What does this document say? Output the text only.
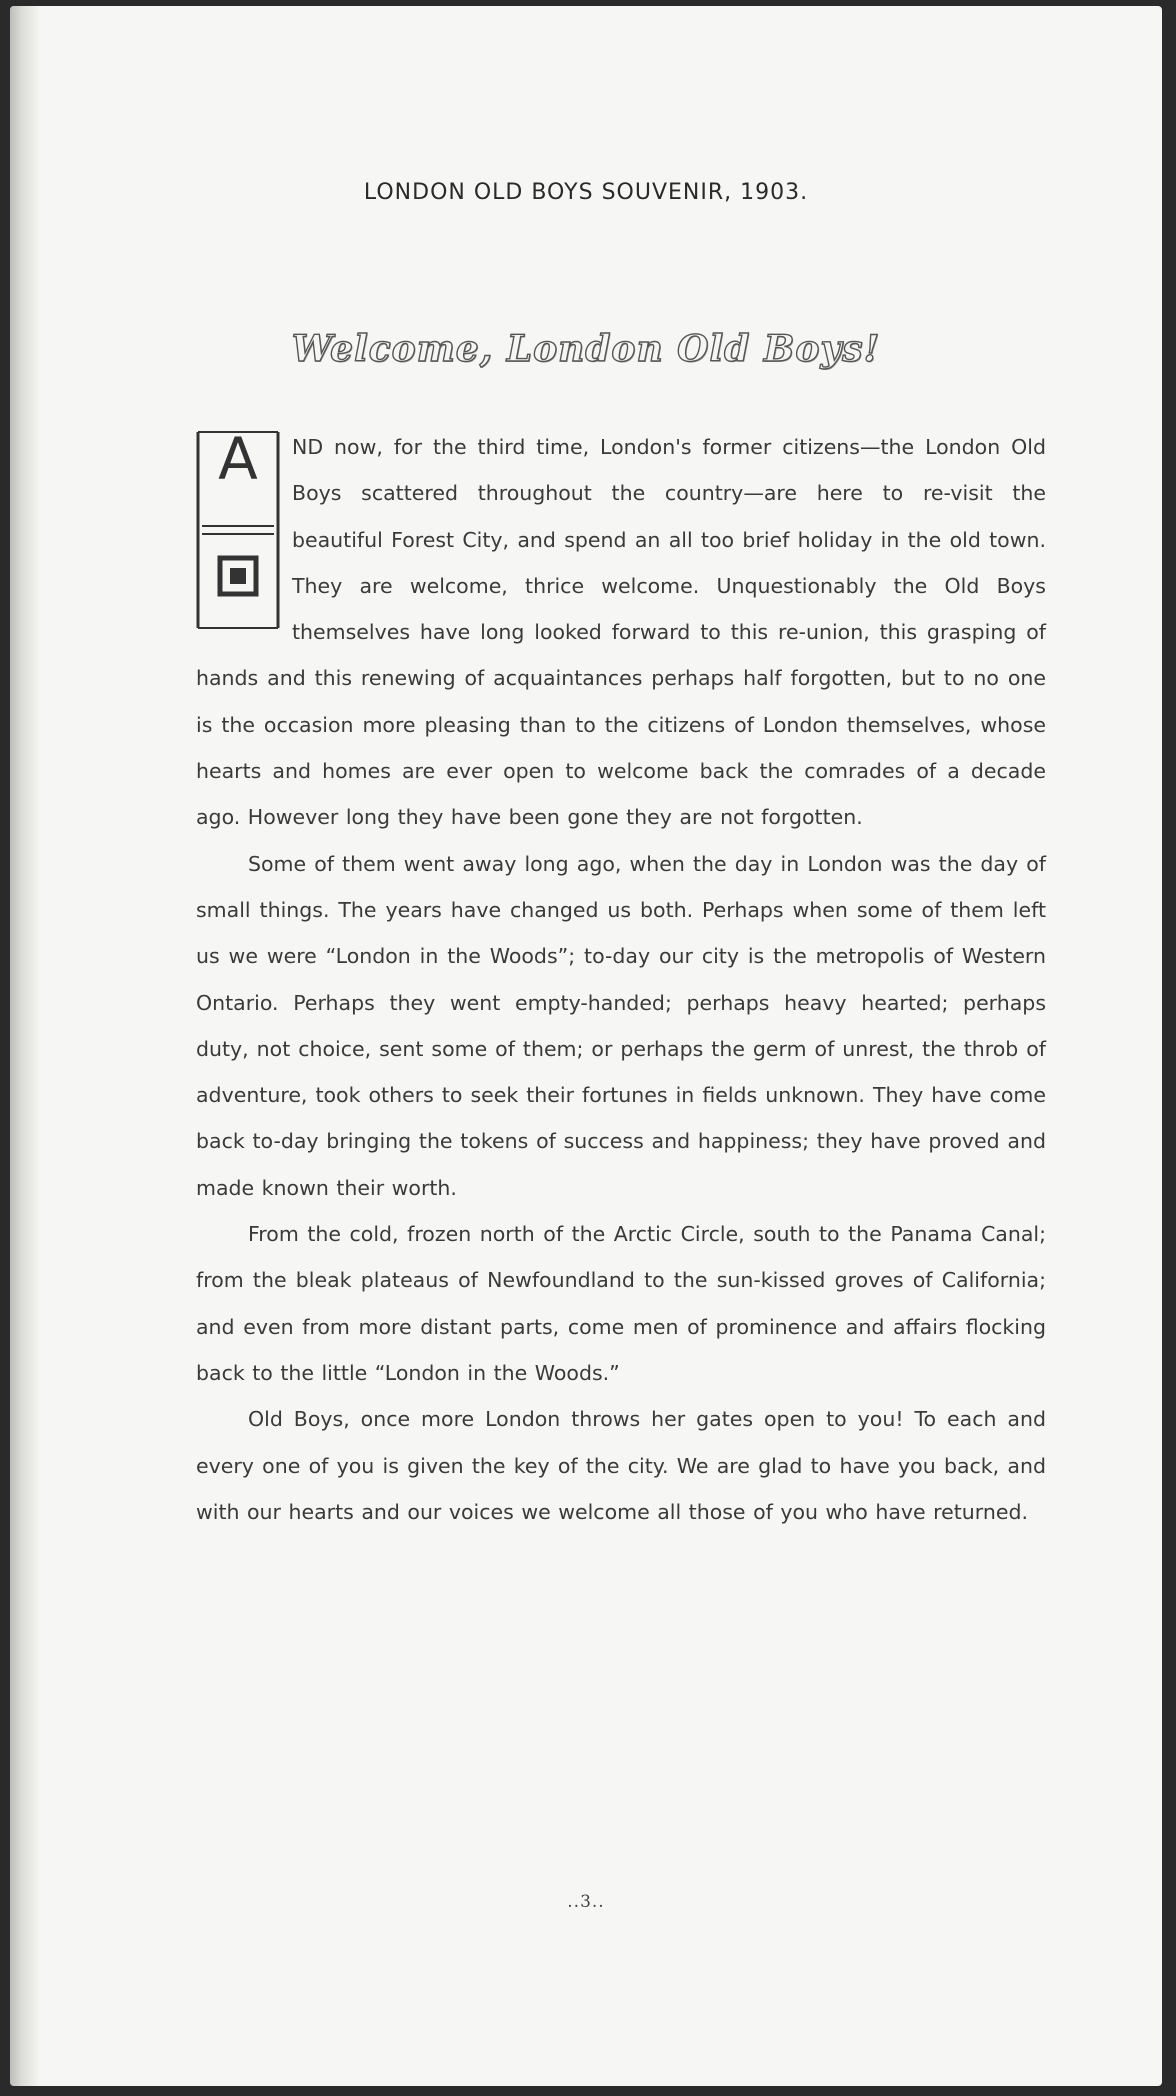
LONDON OLD BOYS SOUVENIR, 1903.
Welcome, London Old Boys!
A	ND now, for the third time, London's former citizens—the London Old Boys scattered throughout the country—are here to re-visit the beautiful Forest City, and spend an all too brief holiday in the old town. They are welcome, thrice welcome. Unquestionably the Old Boys themselves have long looked forward to this re-union, this grasping of hands and this renewing of acquaintances perhaps half forgotten, but to no one is the occasion more pleasing than to the citizens of London themselves, whose hearts and homes are ever open to welcome back the comrades of a decade ago. However long they have been gone they are not forgotten.

Some of them went away long ago, when the day in London was the day of small things. The years have changed us both. Perhaps when some of them left us we were “London in the Woods”; to-day our city is the metropolis of Western Ontario. Perhaps they went empty-handed; perhaps heavy hearted; perhaps duty, not choice, sent some of them; or perhaps the germ of unrest, the throb of adventure, took others to seek their fortunes in fields unknown. They have come back to-day bringing the tokens of success and happiness; they have proved and made known their worth.

From the cold, frozen north of the Arctic Circle, south to the Panama Canal; from the bleak plateaus of Newfoundland to the sun-kissed groves of California; and even from more distant parts, come men of prominence and affairs flocking back to the little “London in the Woods.”

Old Boys, once more London throws her gates open to you! To each and every one of you is given the key of the city. We are glad to have you back, and with our hearts and our voices we welcome all those of you who have returned.

..3..
